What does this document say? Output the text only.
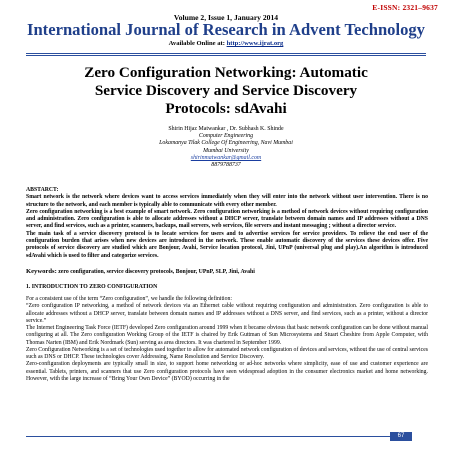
E-ISSN: 2321–9637
Volume 2, Issue 1, January 2014
International Journal of Research in Advent Technology
Available Online at: http://www.ijrat.org
Zero Configuration Networking: Automatic
Service Discovery and Service Discovery
Protocols: sdAvahi
Shirin Hijaz Matwankar , Dr. Subhash K. Shinde
Computer Engineering
Lokamanya Tilak College Of Engineering, Navi Mumbai
Mumbai University
shirinmatwankar@gmail.com
8879788737

ABSTARCT:

Smart network is the network where devices want to access services immediately when they will enter into the network without user intervention. There is no structure to the network, and each member is typically able to communicate with every other member.

Zero configuration networking is a best example of smart network. Zero configuration networking is a method of network devices without requiring configuration and administration. Zero configuration is able to allocate addresses without a DHCP server, translate between domain names and IP addresses without a DNS server, and find services, such as a printer, scanners, backups, mail servers, web services, file servers and instant messaging ; without a director service.

The main task of a service discovery protocol is to locate services for users and to advertise services for service providers. To relieve the end user of the configuration burden that arises when new devices are introduced in the network. These enable automatic discovery of the services these devices offer. Five protocols of service discovery are studied which are Bonjour, Avahi, Service location protocol, Jini, UPnP (universal plug and play).An algorithm is introduced sdAvahi which is used to filter and categorize services.

Keywords: zero configuration, service discovery protocols, Bonjour, UPnP, SLP, Jini, Avahi
1. INTRODUCTION TO ZERO CONFIGURATION

For a consistent use of the term “Zero configuration”, we handle the following definition:

“Zero configuration IP networking, a method of network devices via an Ethernet cable without requiring configuration and administration. Zero configuration is able to allocate addresses without a DHCP server, translate between domain names and IP addresses without a DNS server, and find services, such as a printer, without a director service.”

The Internet Engineering Task Force (IETF) developed Zero configuration around 1999 when it became obvious that basic network configuration can be done without manual configuring at all. The Zero configuration Working Group of the IETF is chaired by Erik Guttman of Sun Microsystems and Stuart Cheshire from Apple Computer, with Thomas Narten (IBM) and Erik Nordmark (Sun) serving as area directors. It was chartered in September 1999.

Zero Configuration Networking is a set of technologies used together to allow for automated network configuration of devices and services, without the use of central services such as DNS or DHCP. These technologies cover Addressing, Name Resolution and Service Discovery.

Zero-configuration deployments are typically small in size, to support home networking or ad-hoc networks where simplicity, ease of use and customer experience are essential. Tablets, printers, and scanners that use Zero configuration protocols have seen widespread adoption in the consumer electronics market and home networking. However, with the large increase of “Bring Your Own Device” (BYOD) occurring in the

67
